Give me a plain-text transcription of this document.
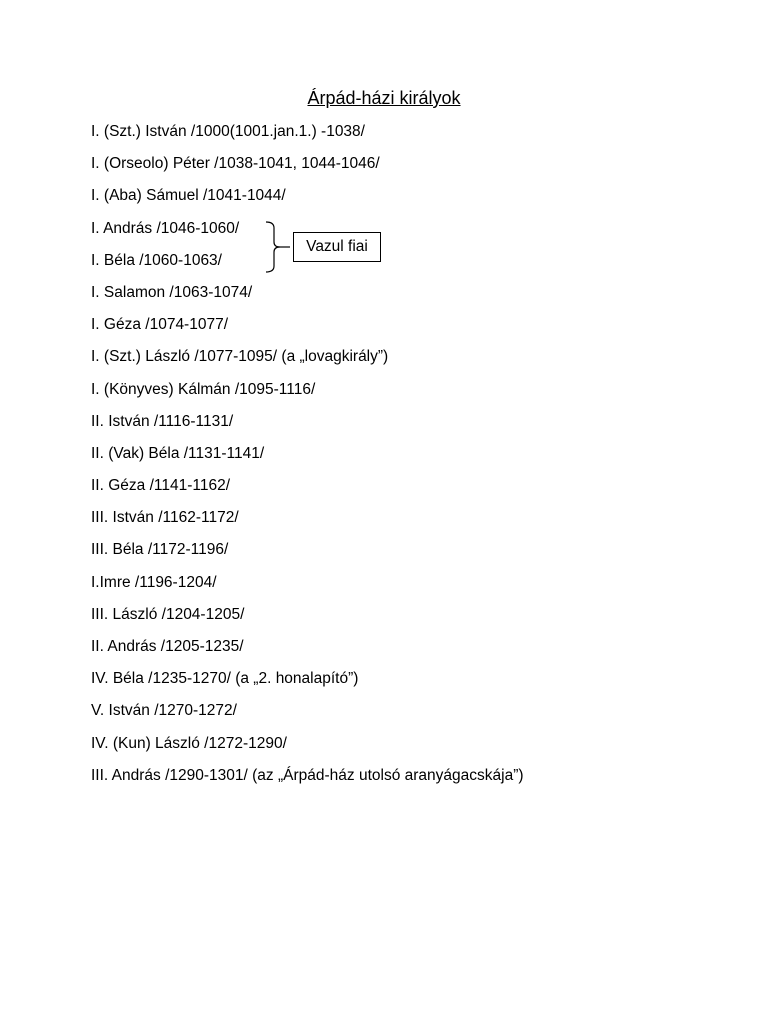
Árpád-házi királyok
I. (Szt.) István /1000(1001.jan.1.) -1038/
I. (Orseolo) Péter /1038-1041, 1044-1046/
I. (Aba) Sámuel /1041-1044/
I. András /1046-1060/
I. Béla /1060-1063/
I. Salamon /1063-1074/
I. Géza /1074-1077/
I. (Szt.) László /1077-1095/ (a „lovagkirály”)
I. (Könyves) Kálmán /1095-1116/
II. István /1116-1131/
II. (Vak) Béla /1131-1141/
II. Géza /1141-1162/
III. István /1162-1172/
III. Béla /1172-1196/
I.Imre /1196-1204/
III. László /1204-1205/
II. András /1205-1235/
IV. Béla /1235-1270/ (a „2. honalapító”)
V. István /1270-1272/
IV. (Kun) László /1272-1290/
III. András /1290-1301/ (az „Árpád-ház utolsó aranyágacskája”)
Vazul fiai
